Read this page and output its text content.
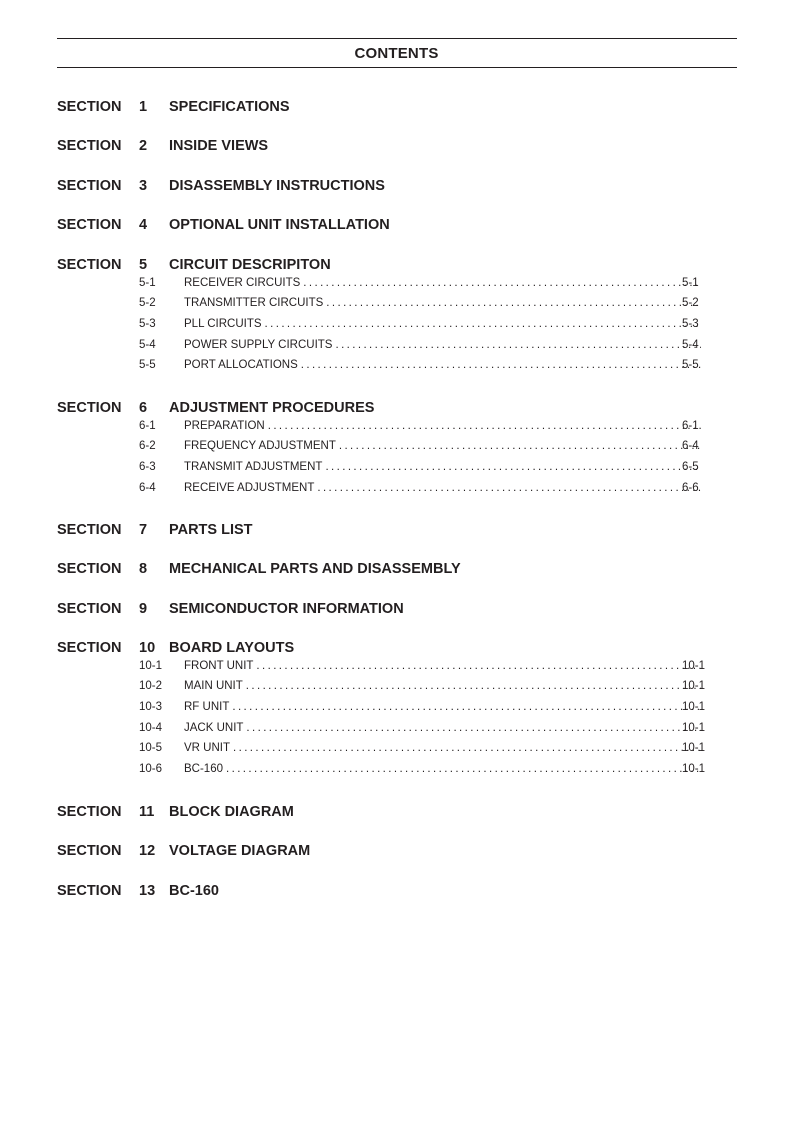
CONTENTS
SECTION 1 SPECIFICATIONS
SECTION 2 INSIDE VIEWS
SECTION 3 DISASSEMBLY INSTRUCTIONS
SECTION 4 OPTIONAL UNIT INSTALLATION
SECTION 5 CIRCUIT DESCRIPITON
5-1 RECEIVER CIRCUITS .....	5-1
5-2 TRANSMITTER CIRCUITS .....	5-2
5-3 PLL CIRCUITS .....	5-3
5-4 POWER SUPPLY CIRCUITS .....	5-4
5-5 PORT ALLOCATIONS .....	5-5
SECTION 6 ADJUSTMENT PROCEDURES
6-1 PREPARATION .....	6-1
6-2 FREQUENCY ADJUSTMENT .....	6-4
6-3 TRANSMIT ADJUSTMENT .....	6-5
6-4 RECEIVE ADJUSTMENT .....	6-6
SECTION 7 PARTS LIST
SECTION 8 MECHANICAL PARTS AND DISASSEMBLY
SECTION 9 SEMICONDUCTOR INFORMATION
SECTION 10 BOARD LAYOUTS
10-1 FRONT UNIT .....	10-1
10-2 MAIN UNIT .....	10-1
10-3 RF UNIT .....	10-1
10-4 JACK UNIT .....	10-1
10-5 VR UNIT .....	10-1
10-6 BC-160 .....	10-1
SECTION 11 BLOCK DIAGRAM
SECTION 12 VOLTAGE DIAGRAM
SECTION 13 BC-160
